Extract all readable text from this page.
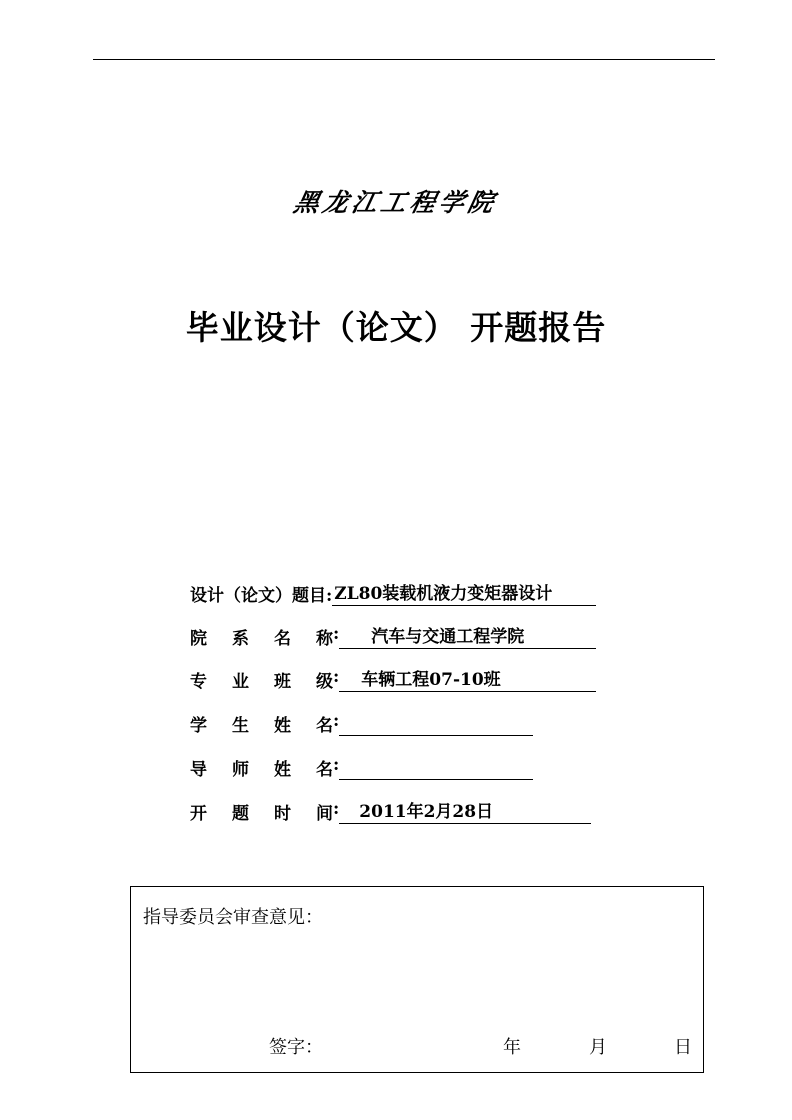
黑龙江工程学院
毕业设计（论文） 开题报告
设计（论文）题目: ZL80装载机液力变矩器设计
院	系	名	称 :	汽车与交通工程学院
专	业	班	级 :	车辆工程07-10班
学	生	姓	名 :
导	师	姓	名 :
开	题	时	间 :	2011年2月28日
指导委员会审查意见：
签字：	年	月	日
